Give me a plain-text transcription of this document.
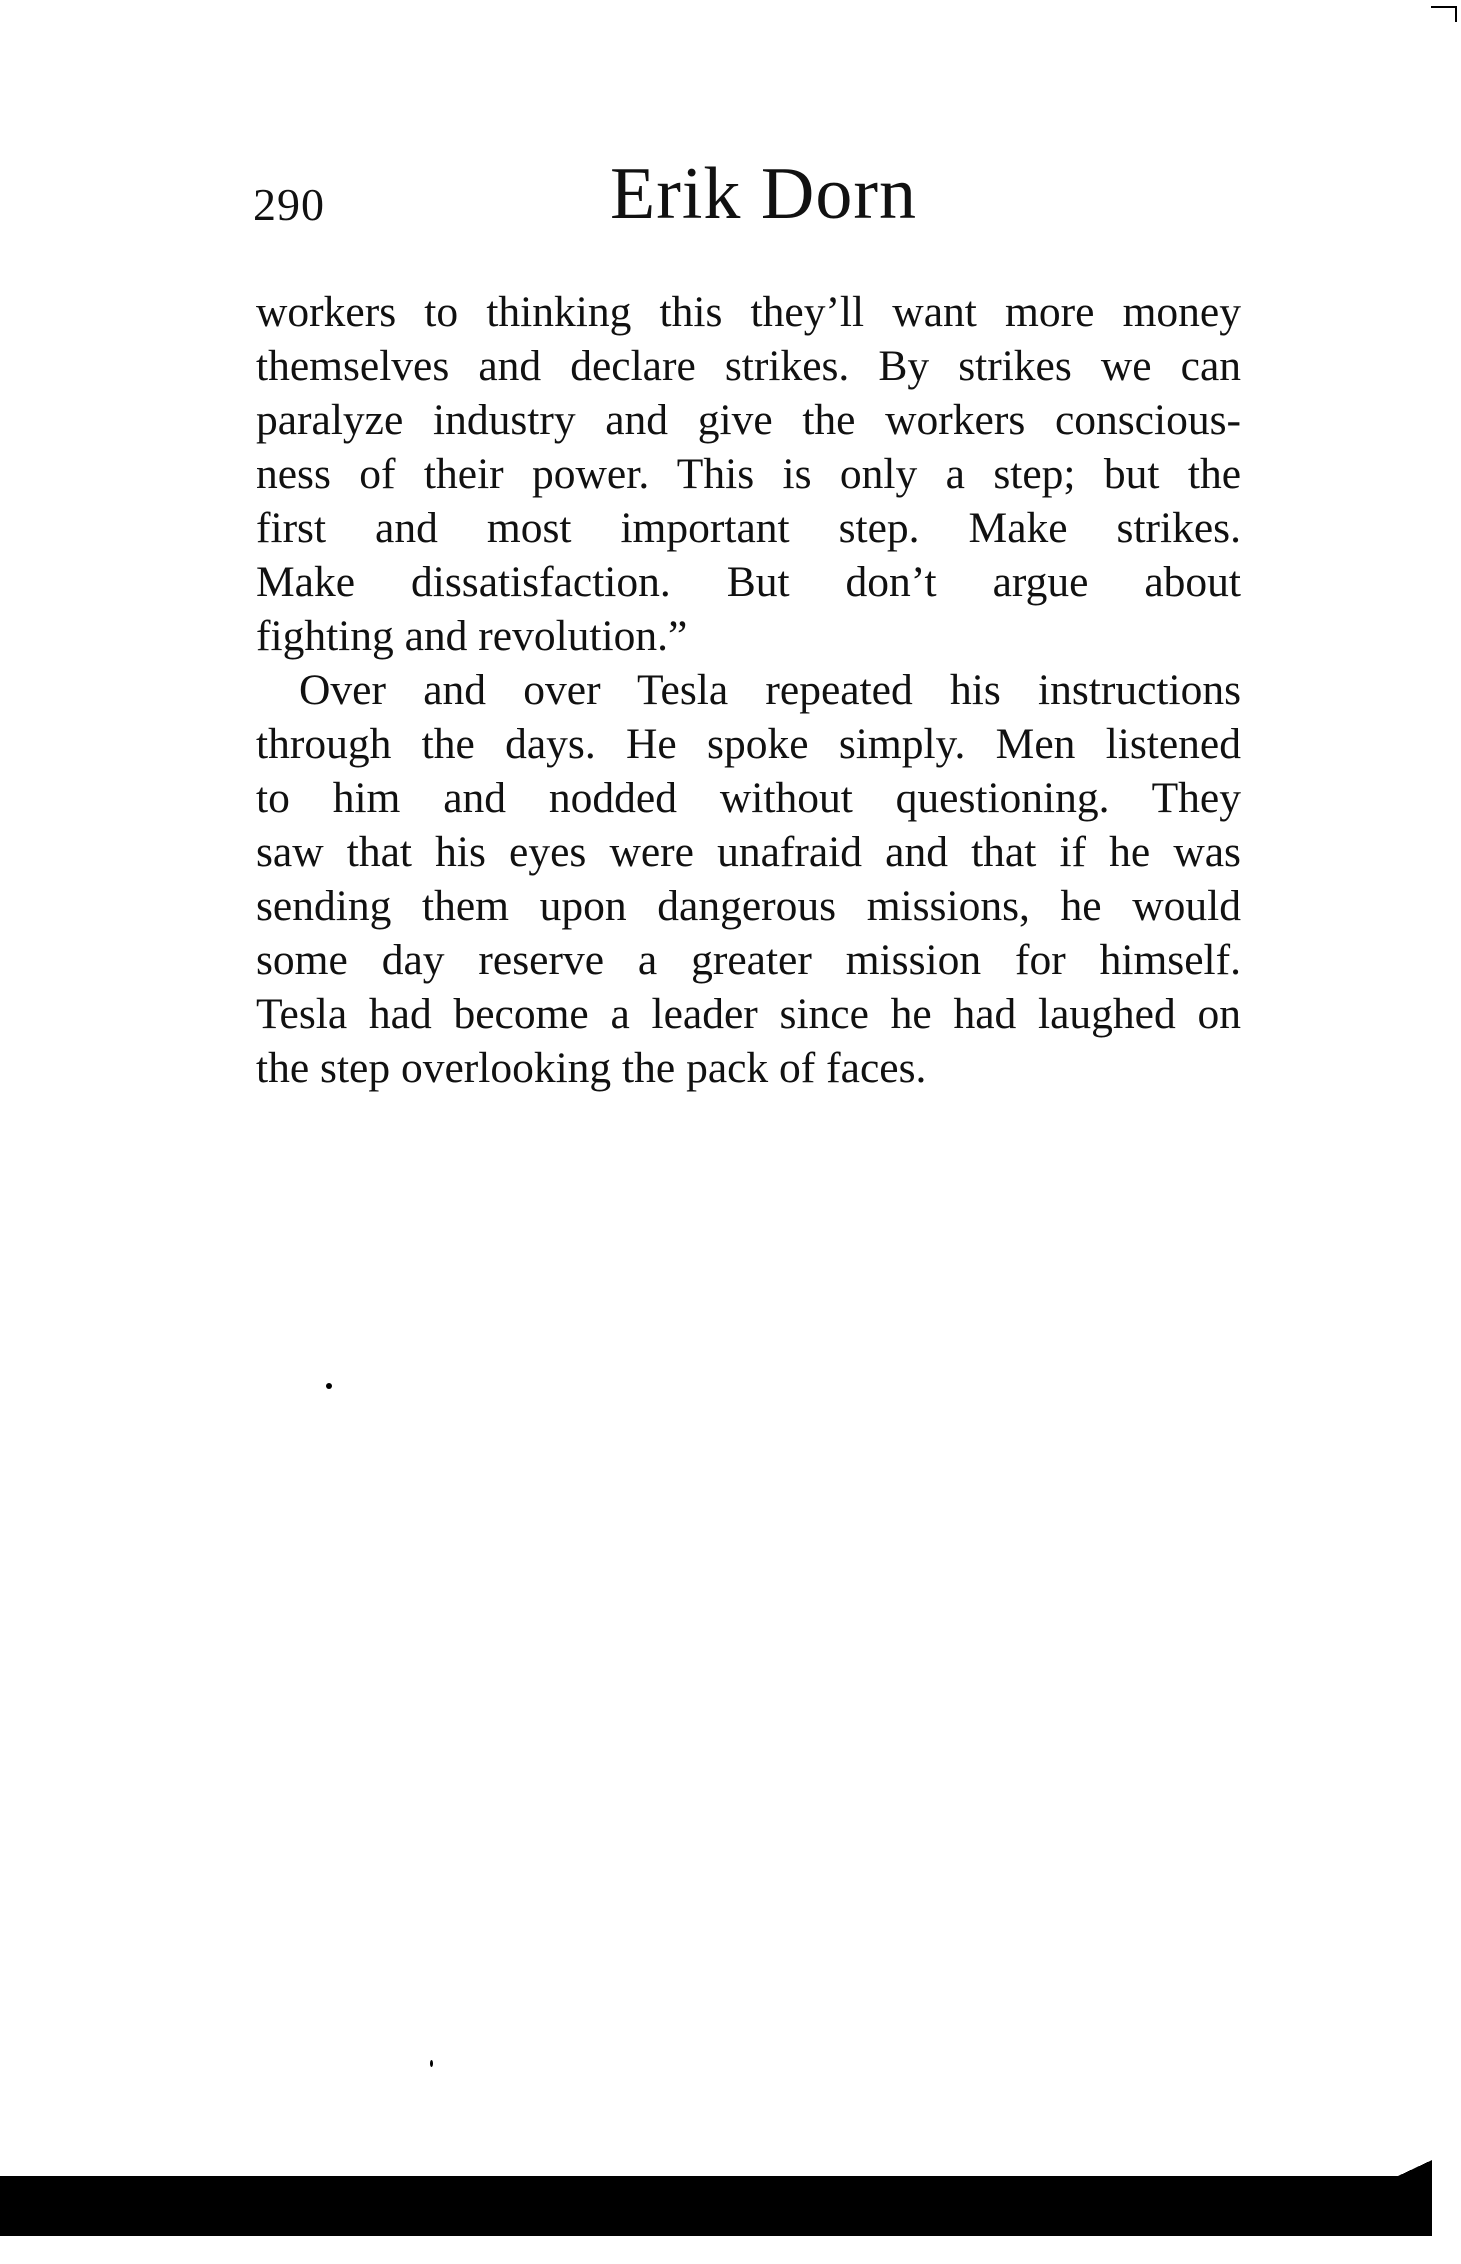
290	Erik Dorn
workers to thinking this they’ll want more money
themselves and declare strikes. By strikes we can
paralyze industry and give the workers conscious-
ness of their power. This is only a step; but the
first and most important step. Make strikes.
Make dissatisfaction. But don’t argue about
fighting and revolution.”
Over and over Tesla repeated his instructions
through the days. He spoke simply. Men listened
to him and nodded without questioning. They
saw that his eyes were unafraid and that if he was
sending them upon dangerous missions, he would
some day reserve a greater mission for himself.
Tesla had become a leader since he had laughed on
the step overlooking the pack of faces.
